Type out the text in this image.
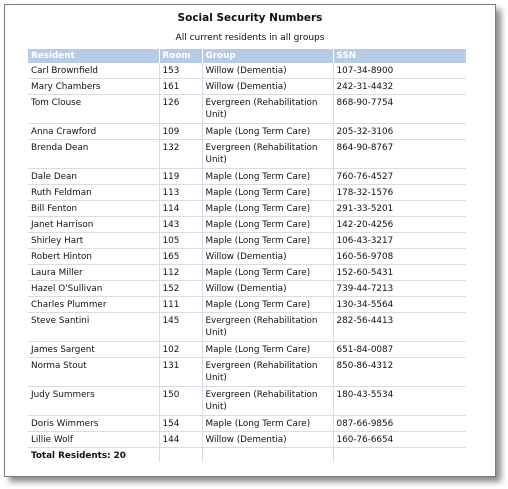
Social Security Numbers
All current residents in all groups
Resident	Room	Group	SSN
Carl Brownfield	153	Willow (Dementia)	107-34-8900
Mary Chambers	161	Willow (Dementia)	242-31-4432
Tom Clouse	126	Evergreen (Rehabilitation Unit)	868-90-7754
Anna Crawford	109	Maple (Long Term Care)	205-32-3106
Brenda Dean	132	Evergreen (Rehabilitation Unit)	864-90-8767
Dale Dean	119	Maple (Long Term Care)	760-76-4527
Ruth Feldman	113	Maple (Long Term Care)	178-32-1576
Bill Fenton	114	Maple (Long Term Care)	291-33-5201
Janet Harrison	143	Maple (Long Term Care)	142-20-4256
Shirley Hart	105	Maple (Long Term Care)	106-43-3217
Robert Hinton	165	Willow (Dementia)	160-56-9708
Laura Miller	112	Maple (Long Term Care)	152-60-5431
Hazel O'Sullivan	152	Willow (Dementia)	739-44-7213
Charles Plummer	111	Maple (Long Term Care)	130-34-5564
Steve Santini	145	Evergreen (Rehabilitation Unit)	282-56-4413
James Sargent	102	Maple (Long Term Care)	651-84-0087
Norma Stout	131	Evergreen (Rehabilitation Unit)	850-86-4312
Judy Summers	150	Evergreen (Rehabilitation Unit)	180-43-5534
Doris Wimmers	154	Maple (Long Term Care)	087-66-9856
Lillie Wolf	144	Willow (Dementia)	160-76-6654
Total Residents: 20			
